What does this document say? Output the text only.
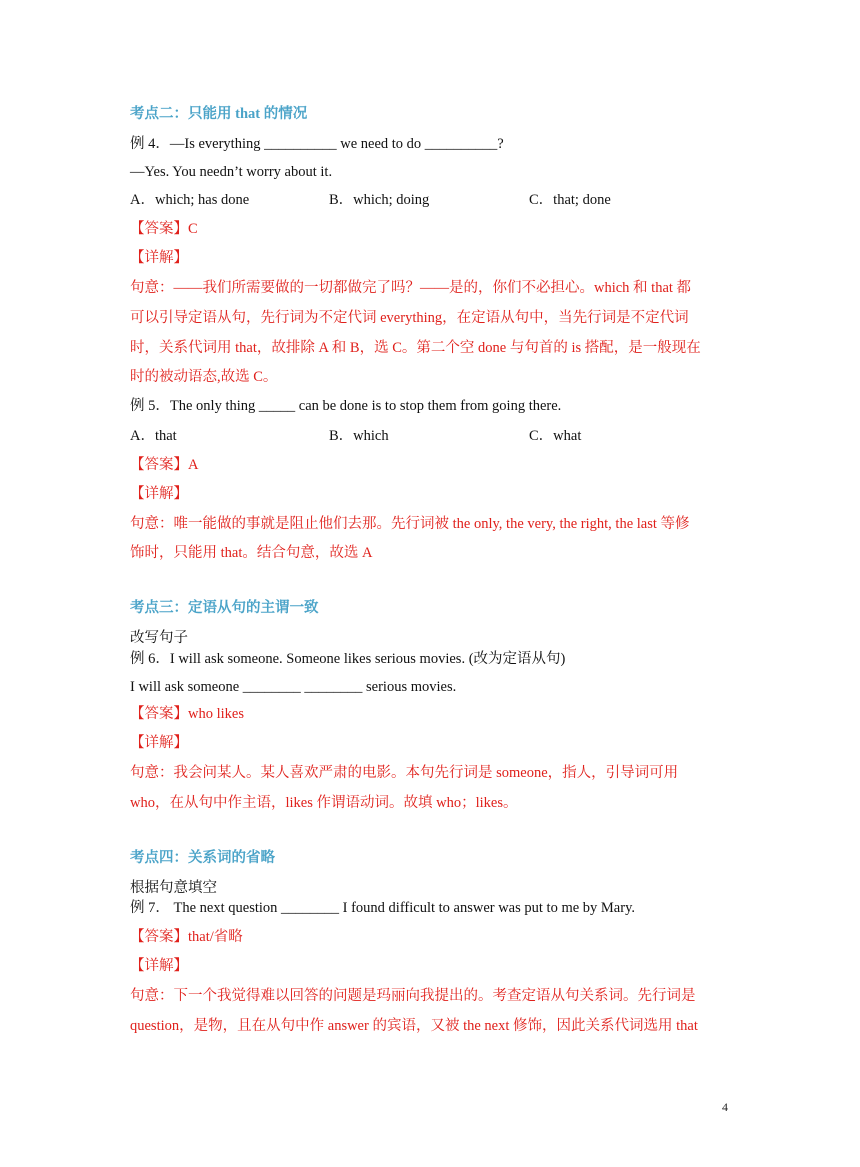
考点二：只能用 that 的情况
例 4．—Is everything __________ we need to do __________?
—Yes. You needn’t worry about it.
A．which; has done	B．which; doing	C．that; done
【答案】C
【详解】
句意：——我们所需要做的一切都做完了吗？——是的，你们不必担心。which 和 that 都
可以引导定语从句，先行词为不定代词 everything，在定语从句中，当先行词是不定代词
时，关系代词用 that，故排除 A 和 B，选 C。第二个空 done 与句首的 is 搭配，是一般现在
时的被动语态,故选 C。
例 5．The only thing _____ can be done is to stop them from going there.
A．that	B．which	C．what
【答案】A
【详解】
句意：唯一能做的事就是阻止他们去那。先行词被 the only, the very, the right, the last 等修
饰时，只能用 that。结合句意，故选 A
考点三：定语从句的主谓一致
改写句子
例 6．I will ask someone. Someone likes serious movies. (改为定语从句)
I will ask someone ________ ________ serious movies.
【答案】who likes
【详解】
句意：我会问某人。某人喜欢严肃的电影。本句先行词是 someone，指人，引导词可用
who，在从句中作主语，likes 作谓语动词。故填 who；likes。
考点四：关系词的省略
根据句意填空
例 7． The next question ________ I found difficult to answer was put to me by Mary.
【答案】that/省略
【详解】
句意：下一个我觉得难以回答的问题是玛丽向我提出的。考查定语从句关系词。先行词是
question，是物，且在从句中作 answer 的宾语，又被 the next 修饰，因此关系代词选用 that
4
